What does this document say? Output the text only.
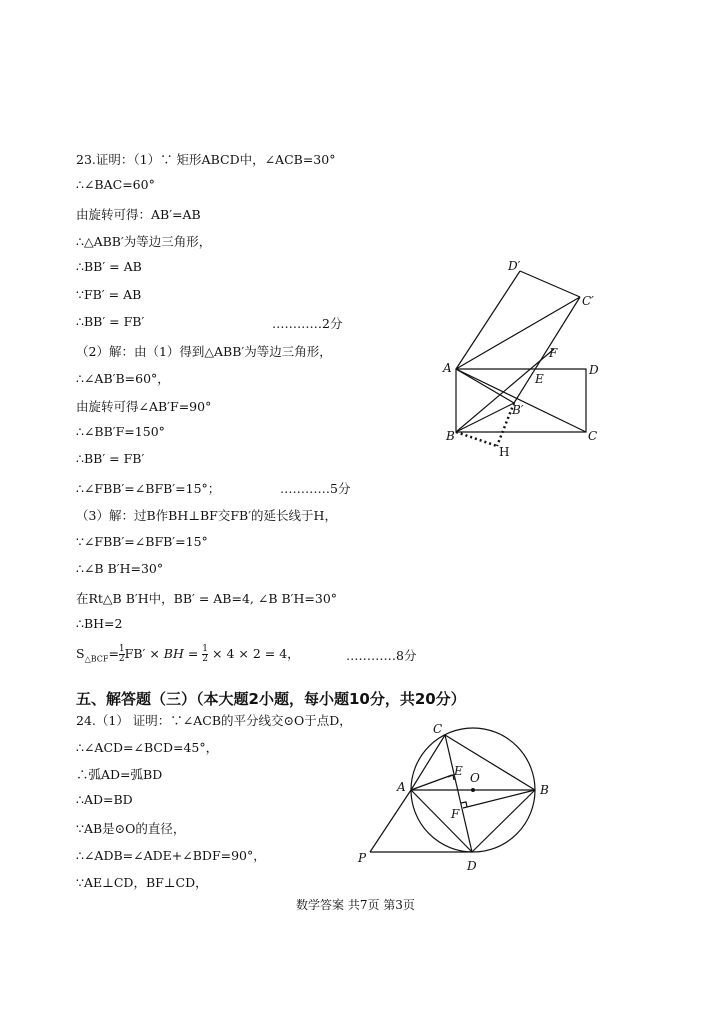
23.证明：（1）∵ 矩形ABCD中，∠ACB=30°
∴∠BAC=60°
由旋转可得：AB′=AB
∴△ABB′为等边三角形，
∴BB′ = AB
∵FB′ = AB
∴BB′ = FB′	…………2分
（2）解：由（1）得到△ABB′为等边三角形，
∴∠AB′B=60°，
由旋转可得∠AB′F=90°
∴∠BB′F=150°
∴BB′ = FB′
∴∠FBB′=∠BFB′=15°；	…………5分
（3）解：过B作BH⊥BF交FB′的延长线于H，
∵∠FBB′=∠BFB′=15°
∴∠B B′H=30°
在Rt△B B′H中，BB′ = AB=4, ∠B B′H=30°
∴BH=2
$S_{\triangle BCF}= \frac{1}{2} FB'$ × BH = $\frac{1}{2} \times 4 \times 2 = 4$，	…………8分
五、解答题（三）（本大题2小题，每小题10分，共20分）
24.（1） 证明：∵∠ACB的平分线交⊙O于点D，
∴∠ACD=∠BCD=45°，
∴弧AD=弧BD
∴AD=BD
∵AB是⊙O的直径，
∴∠ADB=∠ADE+∠BDF=90°，
∵AE⊥CD，BF⊥CD，
数学答案 共7页 第3页
A
B	C
D
D′
C′
F
E
B′
H
C
A	B
D
E
F
O
P
